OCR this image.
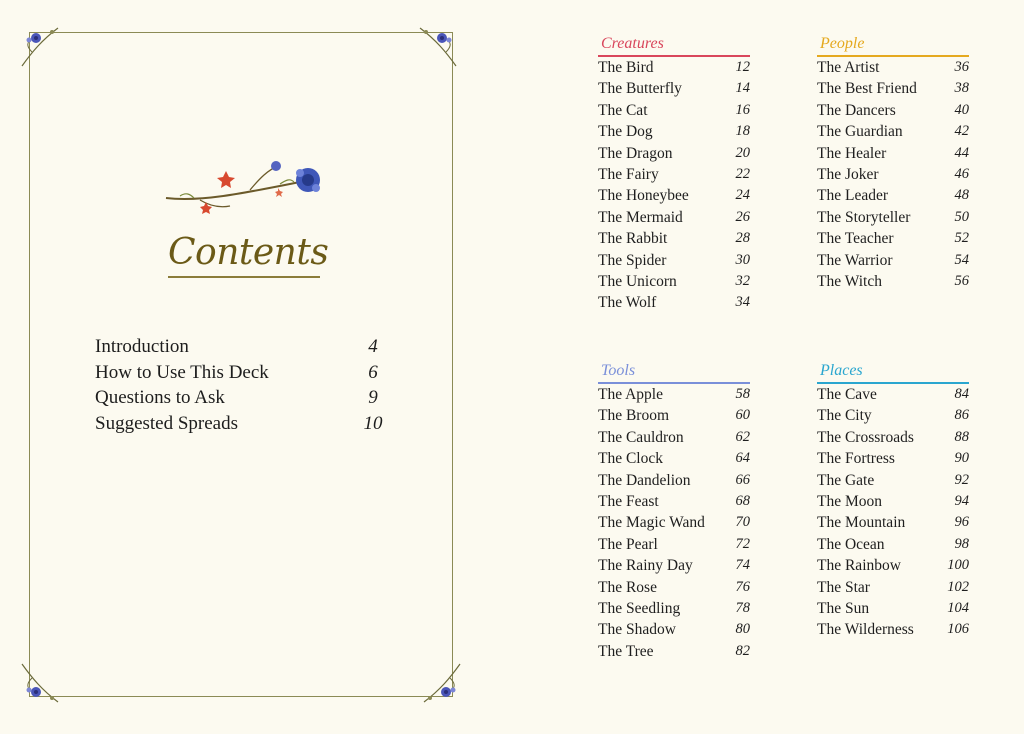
Contents
Introduction	4
How to Use This Deck	6
Questions to Ask	9
Suggested Spreads	10
Creatures
The Bird	12
The Butterfly	14
The Cat	16
The Dog	18
The Dragon	20
The Fairy	22
The Honeybee	24
The Mermaid	26
The Rabbit	28
The Spider	30
The Unicorn	32
The Wolf	34
People
The Artist	36
The Best Friend	38
The Dancers	40
The Guardian	42
The Healer	44
The Joker	46
The Leader	48
The Storyteller	50
The Teacher	52
The Warrior	54
The Witch	56
Tools
The Apple	58
The Broom	60
The Cauldron	62
The Clock	64
The Dandelion	66
The Feast	68
The Magic Wand	70
The Pearl	72
The Rainy Day	74
The Rose	76
The Seedling	78
The Shadow	80
The Tree	82
Places
The Cave	84
The City	86
The Crossroads	88
The Fortress	90
The Gate	92
The Moon	94
The Mountain	96
The Ocean	98
The Rainbow	100
The Star	102
The Sun	104
The Wilderness 106
